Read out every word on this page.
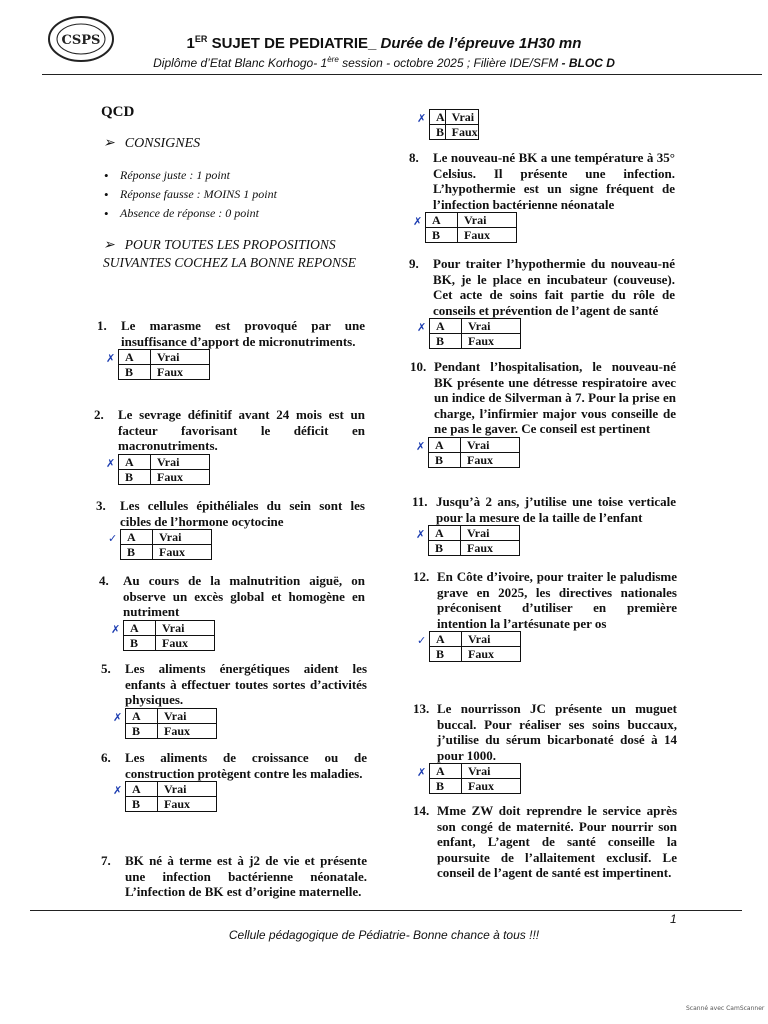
CSPS	1ER SUJET DE PEDIATRIE_ Durée de l’épreuve 1H30 mn
Diplôme d’Etat Blanc Korhogo- 1ère session - octobre 2025 ; Filière IDE/SFM - BLOC D
QCD
➢ CONSIGNES
• Réponse juste : 1 point
• Réponse fausse : MOINS 1 point
• Absence de réponse : 0 point
➢ POUR TOUTES LES PROPOSITIONS SUIVANTES COCHEZ LA BONNE REPONSE
1. Le marasme est provoqué par une insuffisance d’apport de micronutriments.
✗ A	Vrai
B	Faux
2. Le sevrage définitif avant 24 mois est un facteur favorisant le déficit en macronutriments.
✗ A	Vrai
B	Faux
3. Les cellules épithéliales du sein sont les cibles de l’hormone ocytocine
✓ A	Vrai
B	Faux
4. Au cours de la malnutrition aiguë, on observe un excès global et homogène en nutriment
✗ A	Vrai
B	Faux
5. Les aliments énergétiques aident les enfants à effectuer toutes sortes d’activités physiques.
✗ A	Vrai
B	Faux
6. Les aliments de croissance ou de construction protègent contre les maladies.
✗ A	Vrai
B	Faux
7. BK né à terme est à j2 de vie et présente une infection bactérienne néonatale. L’infection de BK est d’origine maternelle.
✗ A	Vrai
B	Faux
8. Le nouveau-né BK a une température à 35° Celsius. Il présente une infection. L’hypothermie est un signe fréquent de l’infection bactérienne néonatale
✗ A	Vrai
B	Faux
9. Pour traiter l’hypothermie du nouveau-né BK, je le place en incubateur (couveuse). Cet acte de soins fait partie du rôle de conseils et prévention de l’agent de santé
✗ A	Vrai
B	Faux
10. Pendant l’hospitalisation, le nouveau-né BK présente une détresse respiratoire avec un indice de Silverman à 7. Pour la prise en charge, l’infirmier major vous conseille de ne pas le gaver. Ce conseil est pertinent
✗ A	Vrai
B	Faux
11. Jusqu’à 2 ans, j’utilise une toise verticale pour la mesure de la taille de l’enfant
✗ A	Vrai
B	Faux
12. En Côte d’ivoire, pour traiter le paludisme grave en 2025, les directives nationales préconisent d’utiliser en première intention la l’artésunate per os
✓ A	Vrai
B	Faux
13. Le nourrisson JC présente un muguet buccal. Pour réaliser ses soins buccaux, j’utilise du sérum bicarbonaté dosé à 14 pour 1000.
✗ A	Vrai
B	Faux
14. Mme ZW doit reprendre le service après son congé de maternité. Pour nourrir son enfant, L’agent de santé conseille la poursuite de l’allaitement exclusif. Le conseil de l’agent de santé est impertinent.
1
Cellule pédagogique de Pédiatrie- Bonne chance à tous !!!
Scanné avec CamScanner
